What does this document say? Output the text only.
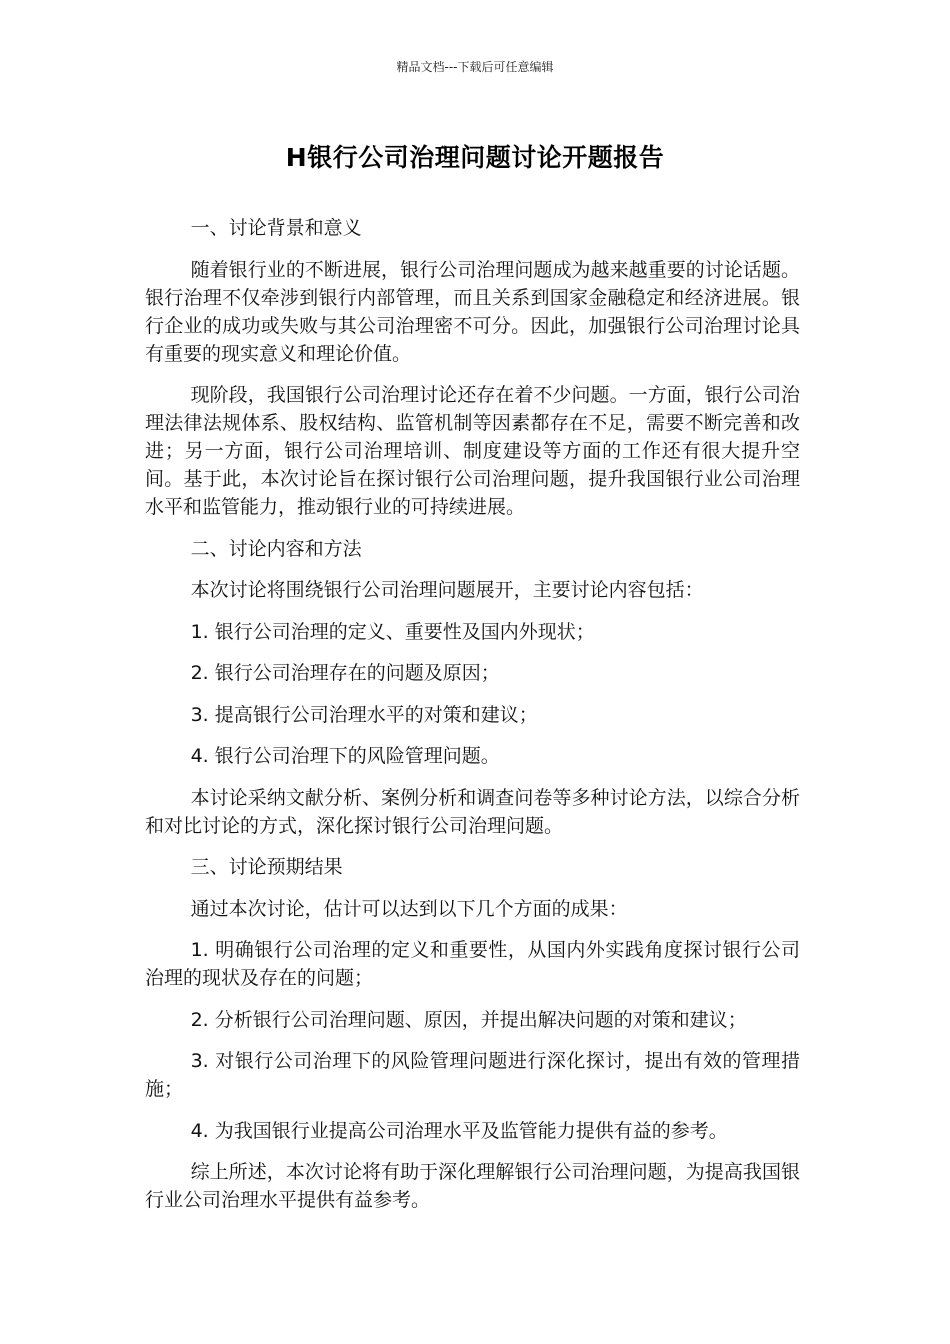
精品文档---下载后可任意编辑
H银行公司治理问题讨论开题报告

一、讨论背景和意义

随着银行业的不断进展，银行公司治理问题成为越来越重要的讨论话题。银行治理不仅牵涉到银行内部管理，而且关系到国家金融稳定和经济进展。银行企业的成功或失败与其公司治理密不可分。因此，加强银行公司治理讨论具有重要的现实意义和理论价值。

现阶段，我国银行公司治理讨论还存在着不少问题。一方面，银行公司治理法律法规体系、股权结构、监管机制等因素都存在不足，需要不断完善和改进；另一方面，银行公司治理培训、制度建设等方面的工作还有很大提升空间。基于此，本次讨论旨在探讨银行公司治理问题，提升我国银行业公司治理水平和监管能力，推动银行业的可持续进展。

二、讨论内容和方法

本次讨论将围绕银行公司治理问题展开，主要讨论内容包括：

1. 银行公司治理的定义、重要性及国内外现状；

2. 银行公司治理存在的问题及原因；

3. 提高银行公司治理水平的对策和建议；

4. 银行公司治理下的风险管理问题。

本讨论采纳文献分析、案例分析和调查问卷等多种讨论方法，以综合分析和对比讨论的方式，深化探讨银行公司治理问题。

三、讨论预期结果

通过本次讨论，估计可以达到以下几个方面的成果：

1. 明确银行公司治理的定义和重要性，从国内外实践角度探讨银行公司治理的现状及存在的问题；

2. 分析银行公司治理问题、原因，并提出解决问题的对策和建议；

3. 对银行公司治理下的风险管理问题进行深化探讨，提出有效的管理措施；

4. 为我国银行业提高公司治理水平及监管能力提供有益的参考。

综上所述，本次讨论将有助于深化理解银行公司治理问题，为提高我国银行业公司治理水平提供有益参考。
